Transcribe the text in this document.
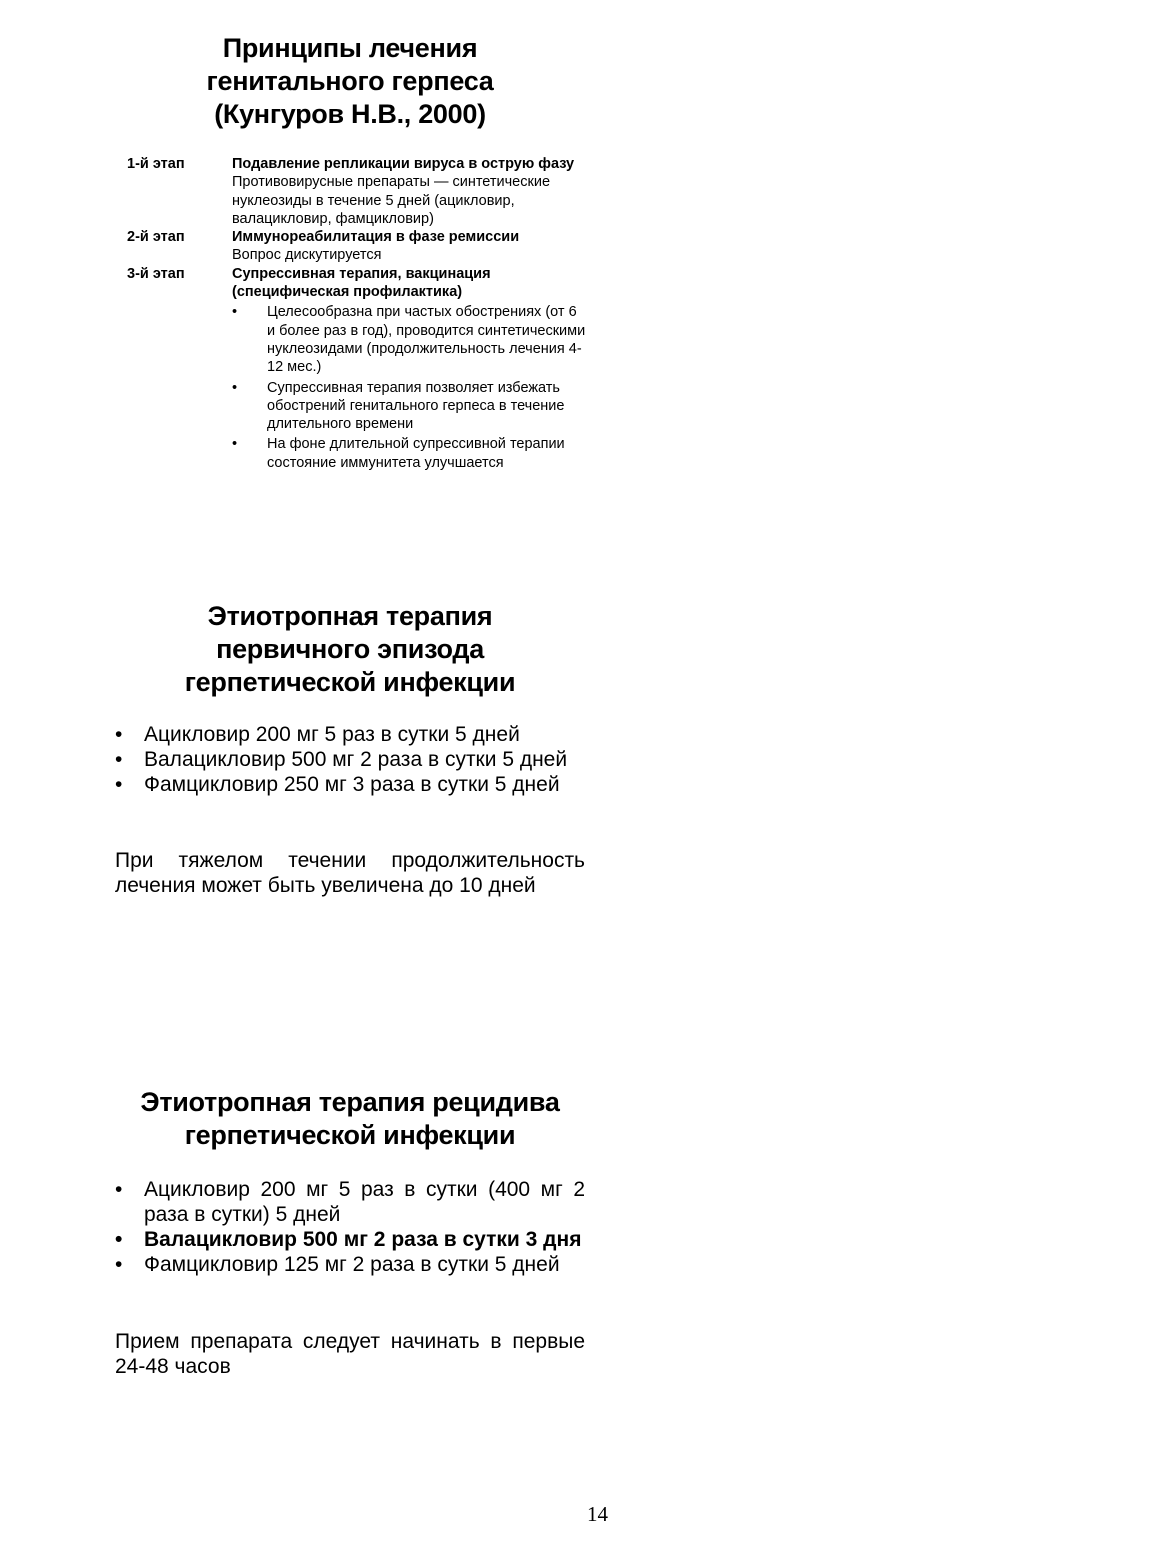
Принципы лечения
генитального герпеса
(Кунгуров Н.В., 2000)
1-й этап	Подавление репликации вируса в острую фазу
Противовирусные препараты — синтетические нуклеозиды в течение 5 дней (ацикловир, валацикловир, фамцикловир)
2-й этап	Иммунореабилитация в фазе ремиссии
Вопрос дискутируется
3-й этап	Супрессивная терапия, вакцинация (специфическая профилактика)
• Целесообразна при частых обострениях (от 6 и более раз в год), проводится синтетическими нуклеозидами (продолжительность лечения 4-12 мес.)
• Супрессивная терапия позволяет избежать обострений генитального герпеса в течение длительного времени
• На фоне длительной супрессивной терапии состояние иммунитета улучшается
Этиотропная терапия
первичного эпизода
герпетической инфекции
• Ацикловир 200 мг 5 раз в сутки 5 дней
• Валацикловир 500 мг 2 раза в сутки 5 дней
• Фамцикловир 250 мг 3 раза в сутки 5 дней

При тяжелом течении продолжительность лечения может быть увеличена до 10 дней

Этиотропная терапия рецидива
герпетической инфекции
• Ацикловир 200 мг 5 раз в сутки (400 мг 2 раза в сутки) 5 дней
• Валацикловир 500 мг 2 раза в сутки 3 дня
• Фамцикловир 125 мг 2 раза в сутки 5 дней

Прием препарата следует начинать в первые 24-48 часов

14
